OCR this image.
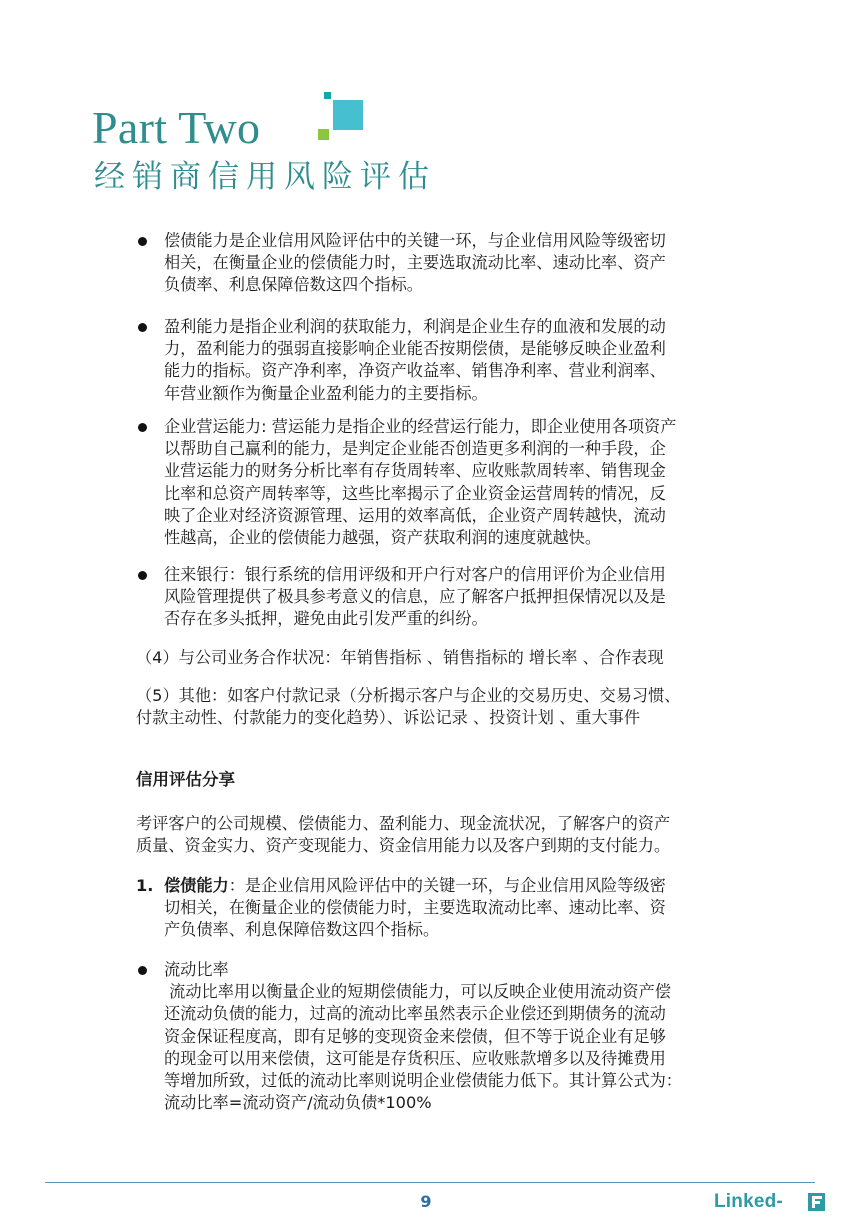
Part Two
经销商信用风险评估
偿债能力是企业信用风险评估中的关键一环，与企业信用风险等级密切
相关，在衡量企业的偿债能力时，主要选取流动比率、速动比率、资产
负债率、利息保障倍数这四个指标。
盈利能力是指企业利润的获取能力，利润是企业生存的血液和发展的动
力，盈利能力的强弱直接影响企业能否按期偿债，是能够反映企业盈利
能力的指标。资产净利率，净资产收益率、销售净利率、营业利润率、
年营业额作为衡量企业盈利能力的主要指标。
企业营运能力: 营运能力是指企业的经营运行能力，即企业使用各项资产
以帮助自己赢利的能力，是判定企业能否创造更多利润的一种手段，企
业营运能力的财务分析比率有存货周转率、应收账款周转率、销售现金
比率和总资产周转率等，这些比率揭示了企业资金运营周转的情况，反
映了企业对经济资源管理、运用的效率高低，企业资产周转越快，流动
性越高，企业的偿债能力越强，资产获取利润的速度就越快。
往来银行：银行系统的信用评级和开户行对客户的信用评价为企业信用
风险管理提供了极具参考意义的信息，应了解客户抵押担保情况以及是
否存在多头抵押，避免由此引发严重的纠纷。
（4）与公司业务合作状况：年销售指标 、销售指标的 增长率 、合作表现
（5）其他：如客户付款记录（分析揭示客户与企业的交易历史、交易习惯、
付款主动性、付款能力的变化趋势）、诉讼记录 、投资计划 、重大事件
信用评估分享
考评客户的公司规模、偿债能力、盈利能力、现金流状况，了解客户的资产
质量、资金实力、资产变现能力、资金信用能力以及客户到期的支付能力。
1. 偿债能力：是企业信用风险评估中的关键一环，与企业信用风险等级密
切相关，在衡量企业的偿债能力时，主要选取流动比率、速动比率、资
产负债率、利息保障倍数这四个指标。
流动比率
流动比率用以衡量企业的短期偿债能力，可以反映企业使用流动资产偿
还流动负债的能力，过高的流动比率虽然表示企业偿还到期债务的流动
资金保证程度高，即有足够的变现资金来偿债，但不等于说企业有足够
的现金可以用来偿债，这可能是存货积压、应收账款增多以及待摊费用
等增加所致，过低的流动比率则说明企业偿债能力低下。其计算公式为：
流动比率=流动资产/流动负债*100%
9	Linked-
